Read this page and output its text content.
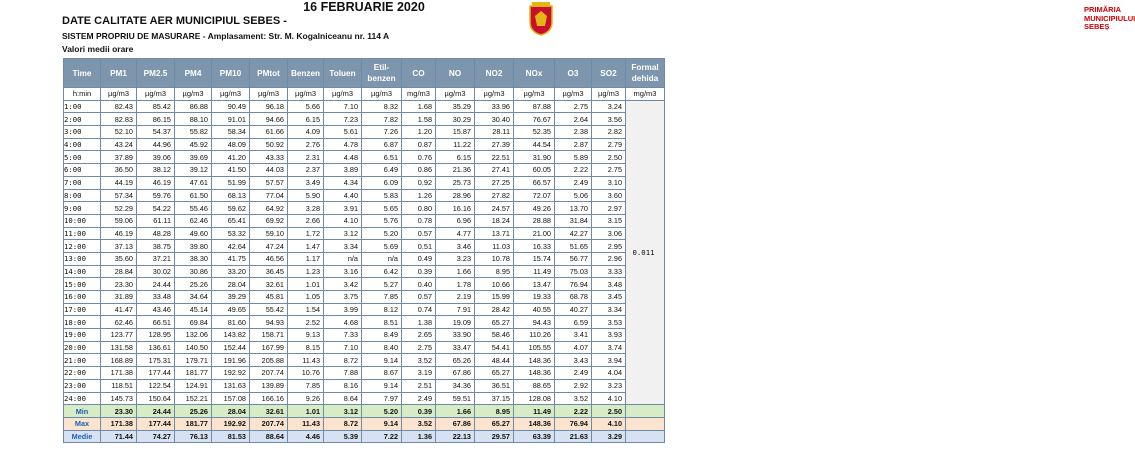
16 FEBRUARIE 2020
DATE CALITATE AER MUNICIPIUL SEBES -
SISTEM PROPRIU DE MASURARE - Amplasament: Str. M. Kogalniceanu nr. 114 A
Valori medii orare
PRIMĂRIA
MUNICIPIULUI
SEBEȘ
Time	PM1	PM2.5	PM4	PM10	PMtot	Benzen	Toluen	Etil-benzen	CO	NO	NO2	NOx	O3	SO2	Formal dehida
h:min	µg/m3	µg/m3	µg/m3	µg/m3	µg/m3	µg/m3	µg/m3	µg/m3	mg/m3	µg/m3	µg/m3	µg/m3	µg/m3	µg/m3	mg/m3
1:00	82.43	85.42	86.88	90.49	96.18	5.66	7.10	8.32	1.68	35.29	33.96	87.88	2.75	3.24	0.011
2:00	82.83	86.15	88.10	91.01	94.66	6.15	7.23	7.82	1.58	30.29	30.40	76.67	2.64	3.56	
3:00	52.10	54.37	55.82	58.34	61.66	4.09	5.61	7.26	1.20	15.87	28.11	52.35	2.38	2.82	
4:00	43.24	44.96	45.92	48.09	50.92	2.76	4.78	6.87	0.87	11.22	27.39	44.54	2.87	2.79	
5:00	37.89	39.06	39.69	41.20	43.33	2.31	4.48	6.51	0.76	6.15	22.51	31.90	5.89	2.50	
6:00	36.50	38.12	39.12	41.50	44.03	2.37	3.89	6.49	0.86	21.36	27.41	60.05	2.22	2.75	
7:00	44.19	46.19	47.61	51.99	57.57	3.49	4.34	6.09	0.92	25.73	27.25	66.57	2.49	3.10	
8:00	57.34	59.76	61.50	68.13	77.04	5.90	4.40	5.83	1.26	28.96	27.82	72.07	5.06	3.60	
9:00	52.29	54.22	55.46	59.62	64.92	3.28	3.91	5.65	0.80	16.16	24.57	49.26	13.70	2.97	
10:00	59.06	61.11	62.46	65.41	69.92	2.66	4.10	5.76	0.78	6.96	18.24	28.88	31.84	3.15	
11:00	46.19	48.28	49.60	53.32	59.10	1.72	3.12	5.20	0.57	4.77	13.71	21.00	42.27	3.06	
12:00	37.13	38.75	39.80	42.64	47.24	1.47	3.34	5.69	0.51	3.46	11.03	16.33	51.65	2.95	
13:00	35.60	37.21	38.30	41.75	46.56	1.17	n/a	n/a	0.49	3.23	10.78	15.74	56.77	2.96	
14:00	28.84	30.02	30.86	33.20	36.45	1.23	3.16	6.42	0.39	1.66	8.95	11.49	75.03	3.33	
15:00	23.30	24.44	25.26	28.04	32.61	1.01	3.42	5.27	0.40	1.78	10.66	13.47	76.94	3.48	
16:00	31.89	33.48	34.64	39.29	45.81	1.05	3.75	7.85	0.57	2.19	15.99	19.33	68.78	3.45	
17:00	41.47	43.46	45.14	49.65	55.42	1.54	3.99	8.12	0.74	7.91	28.42	40.55	40.27	3.34	
18:00	62.46	66.51	69.84	81.60	94.93	2.52	4.68	8.51	1.38	19.09	65.27	94.43	6.59	3.53	
19:00	123.77	128.95	132.06	143.82	158.71	9.13	7.33	8.49	2.65	33.90	58.46	110.26	3.41	3.93	
20:00	131.58	136.61	140.50	152.44	167.99	8.15	7.10	8.40	2.75	33.47	54.41	105.55	4.07	3.74	
21:00	168.89	175.31	179.71	191.96	205.88	11.43	8.72	9.14	3.52	65.26	48.44	148.36	3.43	3.94	
22:00	171.38	177.44	181.77	192.92	207.74	10.76	7.88	8.67	3.19	67.86	65.27	148.36	2.49	4.04	
23:00	118.51	122.54	124.91	131.63	139.89	7.85	8.16	9.14	2.51	34.36	36.51	88.65	2.92	3.23	
24:00	145.73	150.64	152.21	157.08	166.16	9.26	8.64	7.97	2.49	59.51	37.15	128.08	3.52	4.10	
Min	23.30	24.44	25.26	28.04	32.61	1.01	3.12	5.20	0.39	1.66	8.95	11.49	2.22	2.50	
Max	171.38	177.44	181.77	192.92	207.74	11.43	8.72	9.14	3.52	67.86	65.27	148.36	76.94	4.10	
Medie	71.44	74.27	76.13	81.53	88.64	4.46	5.39	7.22	1.36	22.13	29.57	63.39	21.63	3.29	
